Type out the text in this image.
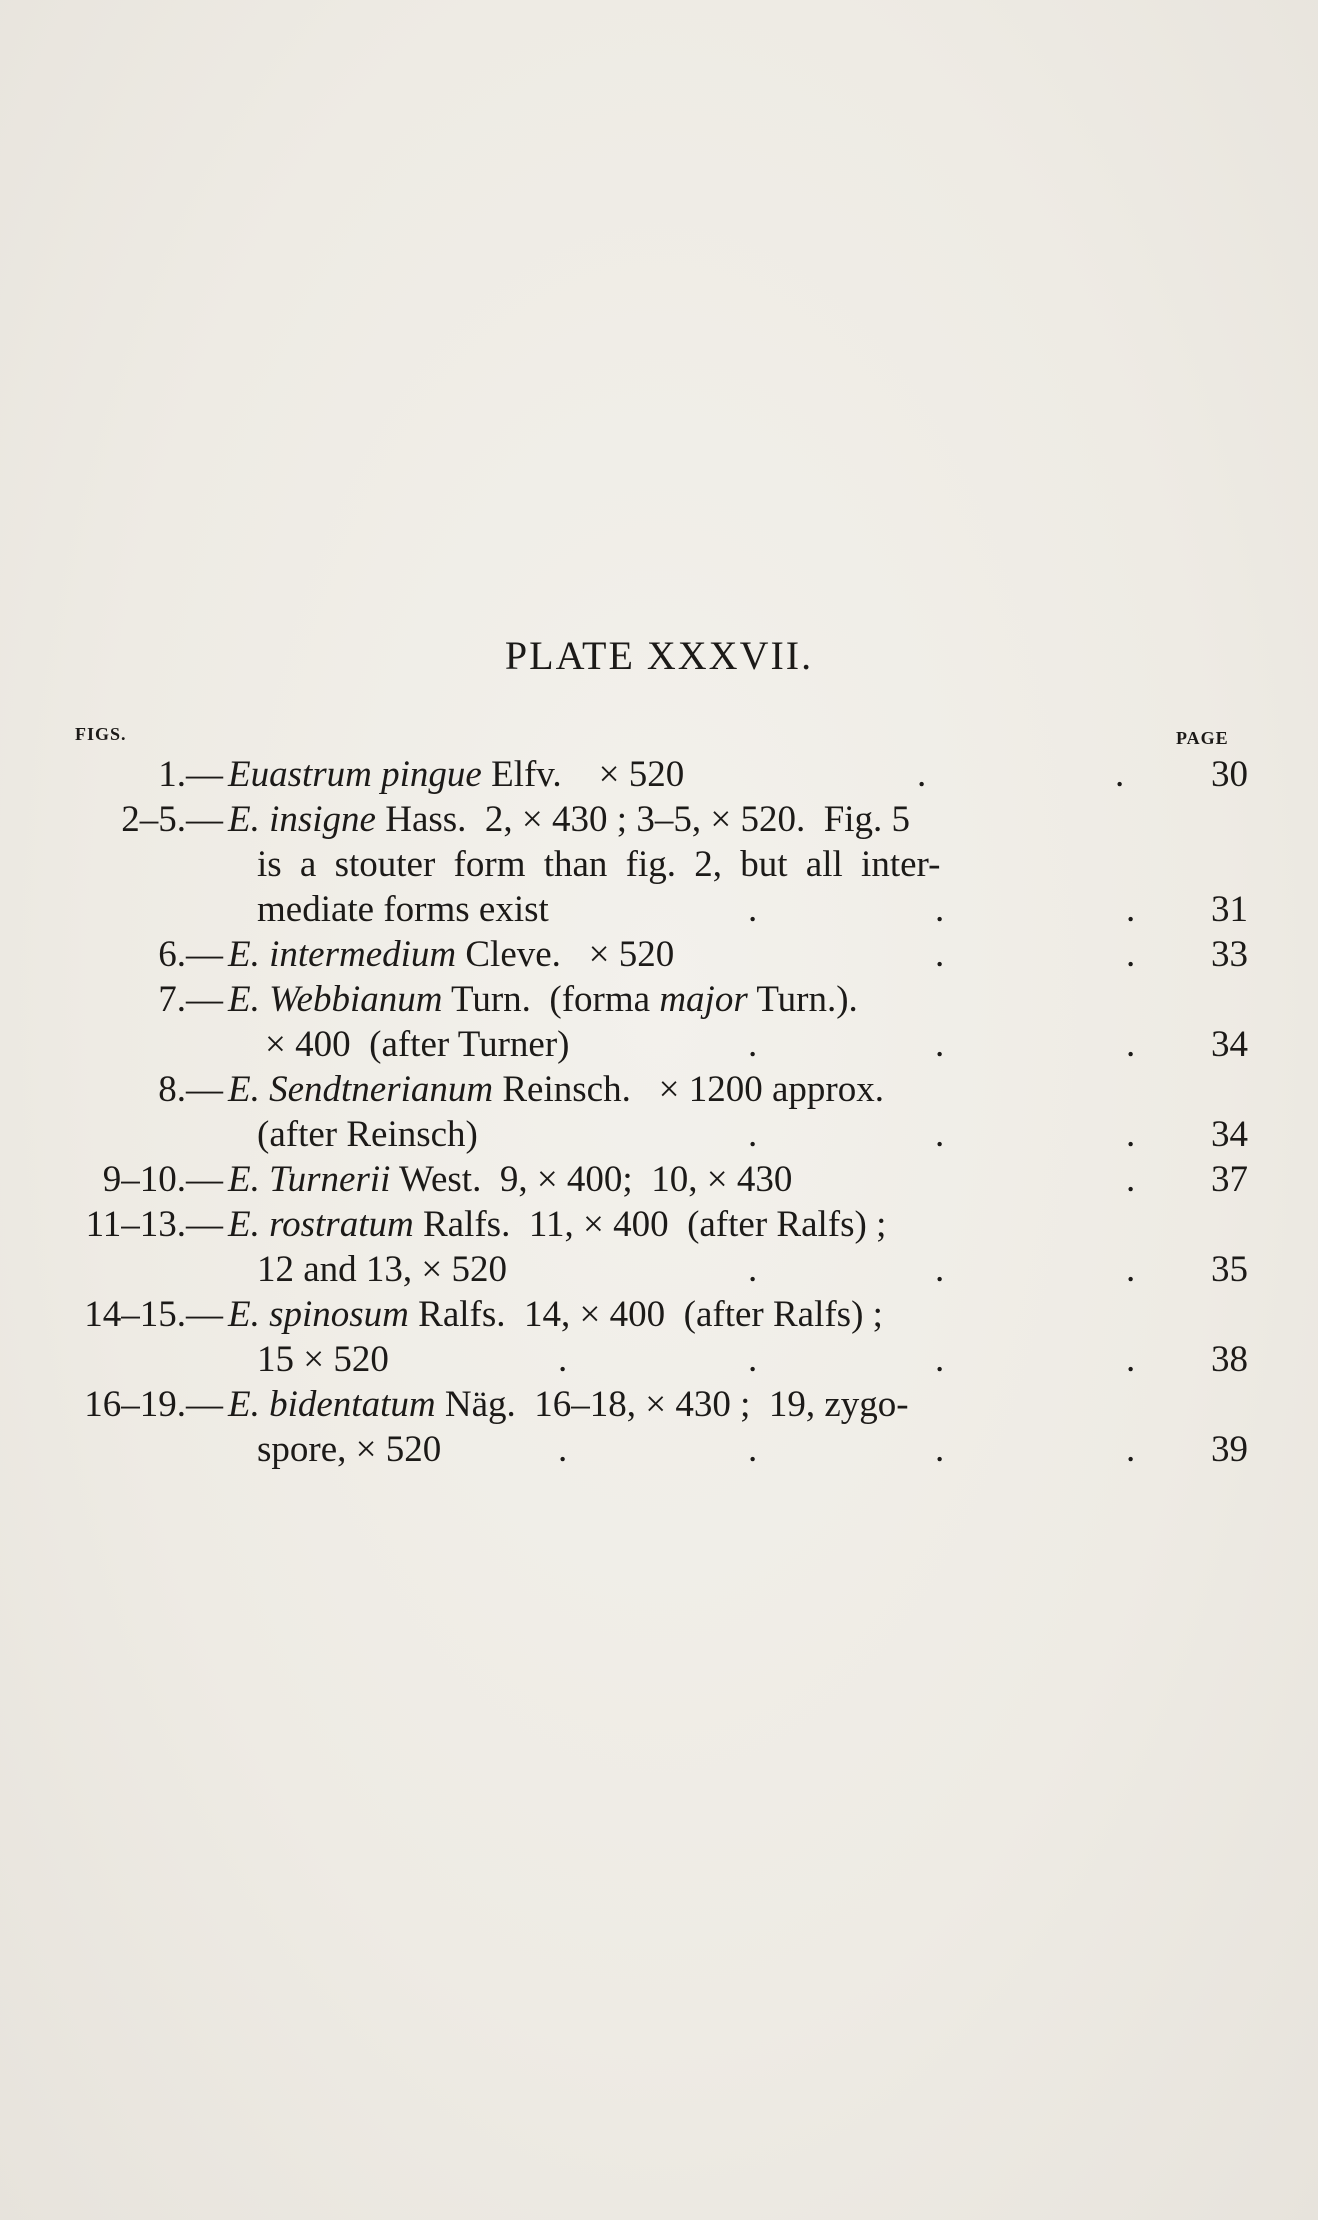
PLATE XXXVII.
FIGS.	PAGE
1.— Euastrum pingue Elfv.    × 520	.	. 30
2–5.— E. insigne Hass.  2, × 430 ; 3–5, × 520.  Fig. 5
is a stouter form than fig. 2, but all inter-
mediate forms exist	.	.	. 31
6.— E. intermedium Cleve.   × 520	.	. 33
7.— E. Webbianum Turn.  (forma major Turn.).
× 400  (after Turner)	.	.	. 34
8.— E. Sendtnerianum Reinsch.   × 1200 approx.
(after Reinsch)	.	.	. 34
9–10.— E. Turnerii West.  9, × 400;  10, × 430	. 37
11–13.— E. rostratum Ralfs.  11, × 400  (after Ralfs) ;
12 and 13, × 520	.	.	. 35
14–15.— E. spinosum Ralfs.  14, × 400  (after Ralfs) ;
15 × 520	.	.	.	. 38
16–19.— E. bidentatum Näg.  16–18, × 430 ;  19, zygo-
spore, × 520	.	.	.	. 39
